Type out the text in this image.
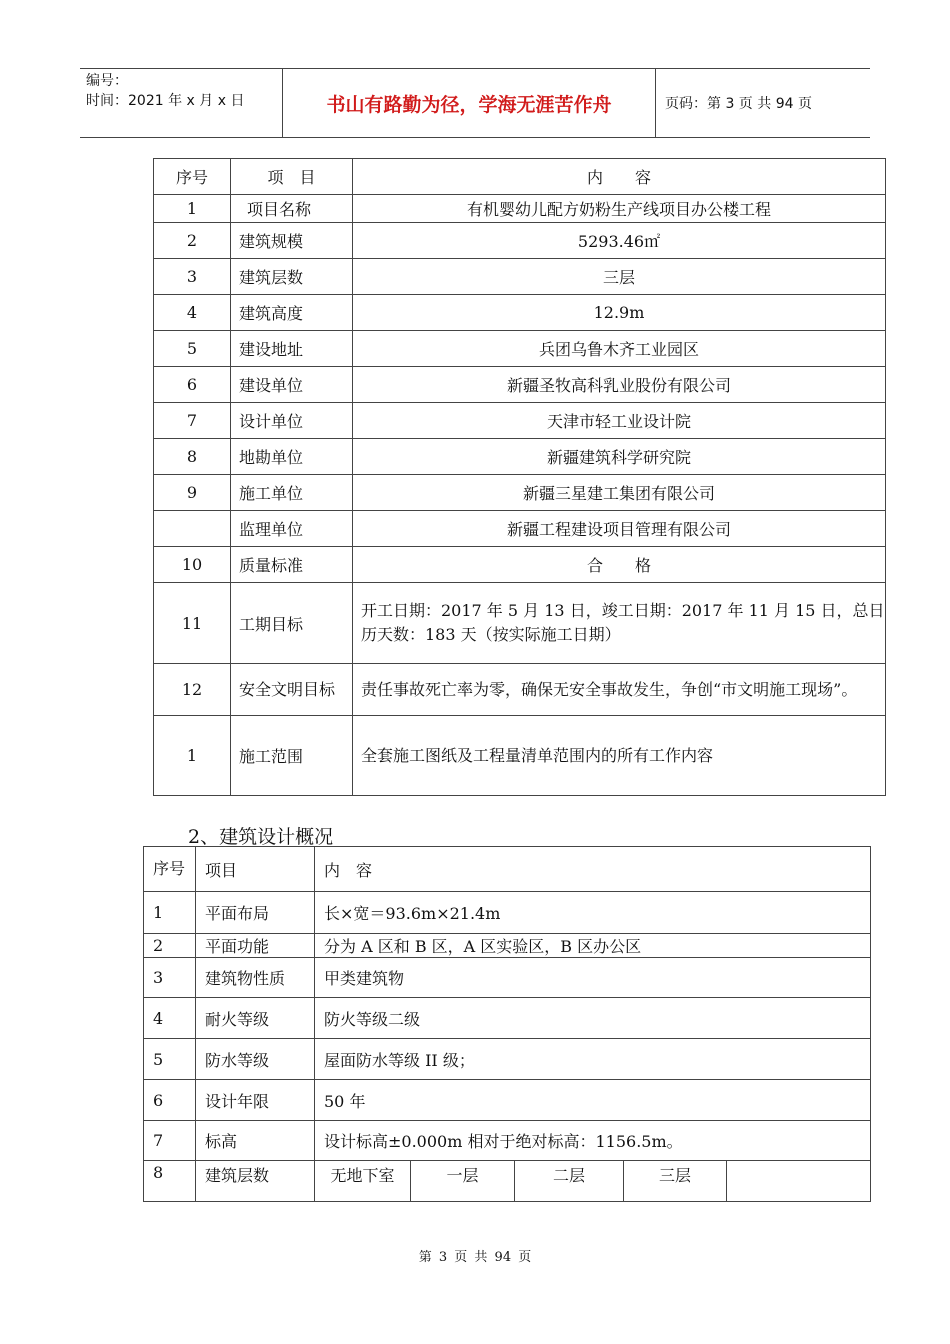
编号：
时间：2021 年 x 月 x 日	书山有路勤为径，学海无涯苦作舟	页码：第 3 页 共 94 页
序号	项　目	内　　容
1	项目名称	有机婴幼儿配方奶粉生产线项目办公楼工程
2	建筑规模	5293.46㎡
3	建筑层数	三层
4	建筑高度	12.9m
5	建设地址	兵团乌鲁木齐工业园区
6	建设单位	新疆圣牧高科乳业股份有限公司
7	设计单位	天津市轻工业设计院
8	地勘单位	新疆建筑科学研究院
9	施工单位	新疆三星建工集团有限公司
	监理单位	新疆工程建设项目管理有限公司
10	质量标准	合　　格
11	工期目标	开工日期：2017 年 5 月 13 日，竣工日期：2017 年 11 月 15 日，总日历天数：183 天（按实际施工日期）
12	安全文明目标	责任事故死亡率为零，确保无安全事故发生，争创“市文明施工现场”。
1	施工范围	全套施工图纸及工程量清单范围内的所有工作内容
2、建筑设计概况
序号	项目	内　容
1	平面布局	长×宽＝93.6m×21.4m
2	平面功能	分为 A 区和 B 区，A 区实验区，B 区办公区
3	建筑物性质	甲类建筑物
4	耐火等级	防火等级二级
5	防水等级	屋面防水等级 II 级；
6	设计年限	50 年
7	标高	设计标高±0.000m 相对于绝对标高：1156.5m。
8	建筑层数	无地下室 一层 二层 三层
第 3 页 共 94 页
